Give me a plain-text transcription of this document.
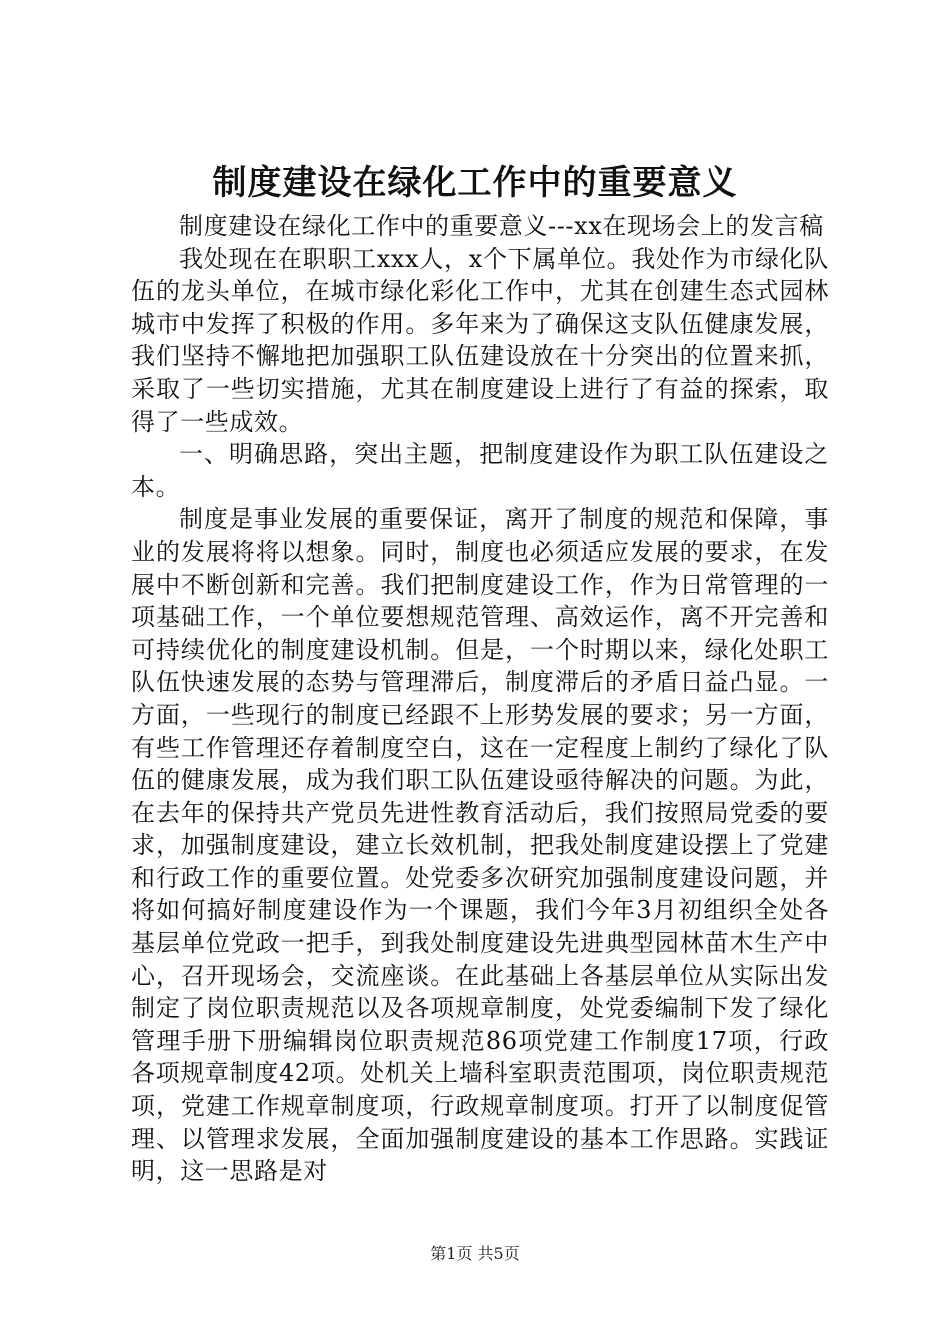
制度建设在绿化工作中的重要意义

制度建设在绿化工作中的重要意义---xx在现场会上的发言稿

我处现在在职职工xxx人，x个下属单位。我处作为市绿化队伍的龙头单位，在城市绿化彩化工作中，尤其在创建生态式园林城市中发挥了积极的作用。多年来为了确保这支队伍健康发展，我们坚持不懈地把加强职工队伍建设放在十分突出的位置来抓，采取了一些切实措施，尤其在制度建设上进行了有益的探索，取得了一些成效。

一、明确思路，突出主题，把制度建设作为职工队伍建设之本。

制度是事业发展的重要保证，离开了制度的规范和保障，事业的发展将将以想象。同时，制度也必须适应发展的要求，在发展中不断创新和完善。我们把制度建设工作，作为日常管理的一项基础工作，一个单位要想规范管理、高效运作，离不开完善和可持续优化的制度建设机制。但是，一个时期以来，绿化处职工队伍快速发展的态势与管理滞后，制度滞后的矛盾日益凸显。一方面，一些现行的制度已经跟不上形势发展的要求；另一方面，有些工作管理还存着制度空白，这在一定程度上制约了绿化了队伍的健康发展，成为我们职工队伍建设亟待解决的问题。为此，在去年的保持共产党员先进性教育活动后，我们按照局党委的要求，加强制度建设，建立长效机制，把我处制度建设摆上了党建和行政工作的重要位置。处党委多次研究加强制度建设问题，并将如何搞好制度建设作为一个课题，我们今年3月初组织全处各基层单位党政一把手，到我处制度建设先进典型园林苗木生产中心，召开现场会，交流座谈。在此基础上各基层单位从实际出发制定了岗位职责规范以及各项规章制度，处党委编制下发了绿化管理手册下册编辑岗位职责规范86项党建工作制度17项，行政各项规章制度42项。处机关上墙科室职责范围项，岗位职责规范项，党建工作规章制度项，行政规章制度项。打开了以制度促管理、以管理求发展，全面加强制度建设的基本工作思路。实践证明，这一思路是对

第1页 共5页
